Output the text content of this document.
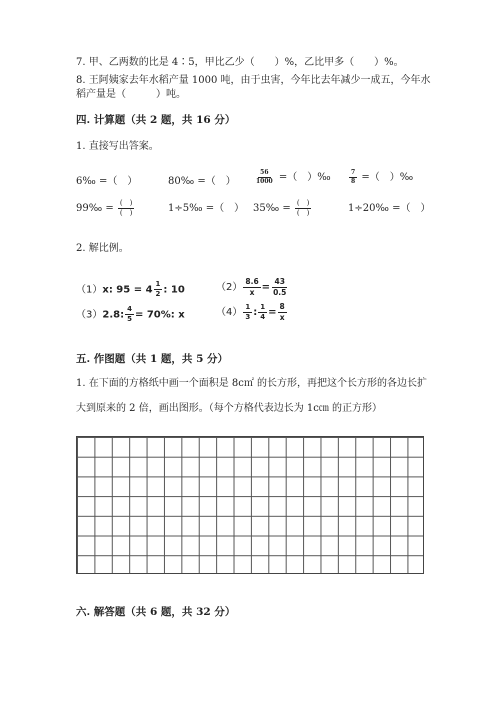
7. 甲、乙两数的比是 4∶5，甲比乙少（　　）%，乙比甲多（　　）%。
8. 王阿姨家去年水稻产量 1000 吨，由于虫害，今年比去年减少一成五，今年水
稻产量是（　　　）吨。
四. 计算题（共 2 题，共 16 分）
1. 直接写出答案。
6‰ =（　）	80‰ =（　）	$\frac{56}{1000}$ =（　）‰	$\frac{7}{8}$ =（　）‰
99‰ = $\frac{( )}{( )}$	1÷5‰ =（　） 35‰ = $\frac{( )}{( )}$	1÷20‰ =（　）
2. 解比例。
（1）x: $95 = 4 \frac{1}{2}$ : 10	$(2) \frac{8.6}{x} = \frac{43}{0.5}$
（3）2.8: $\frac{4}{5} = 70\%$: x	$(4) \frac{1}{3}$ : $\frac{1}{4} = \frac{8}{x}$
五. 作图题（共 1 题，共 5 分）
1. 在下面的方格纸中画一个面积是 8c㎡ 的长方形，再把这个长方形的各边长扩
大到原来的 2 倍，画出图形。（每个方格代表边长为 1c㎝ 的正方形）
六. 解答题（共 6 题，共 32 分）
